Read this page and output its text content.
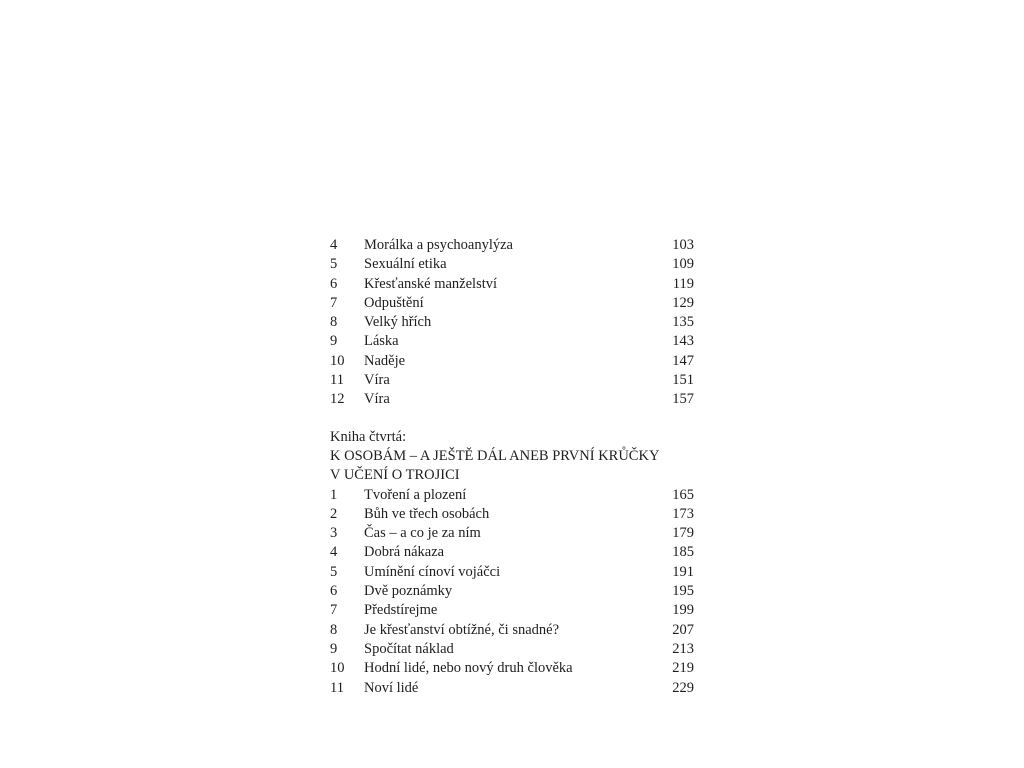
4	Morálka a psychoanylýza	103
5	Sexuální etika	109
6	Křesťanské manželství	119
7	Odpuštění	129
8	Velký hřích	135
9	Láska	143
10	Naděje	147
11	Víra	151
12	Víra	157
Kniha čtvrtá:
K OSOBÁM – A JEŠTĚ DÁL ANEB PRVNÍ KRŮČKY
V UČENÍ O TROJICI
1	Tvoření a plození	165
2	Bůh ve třech osobách	173
3	Čas – a co je za ním	179
4	Dobrá nákaza	185
5	Umínění cínoví vojáčci	191
6	Dvě poznámky	195
7	Předstírejme	199
8	Je křesťanství obtížné, či snadné?	207
9	Spočítat náklad	213
10	Hodní lidé, nebo nový druh člověka	219
11	Noví lidé	229
